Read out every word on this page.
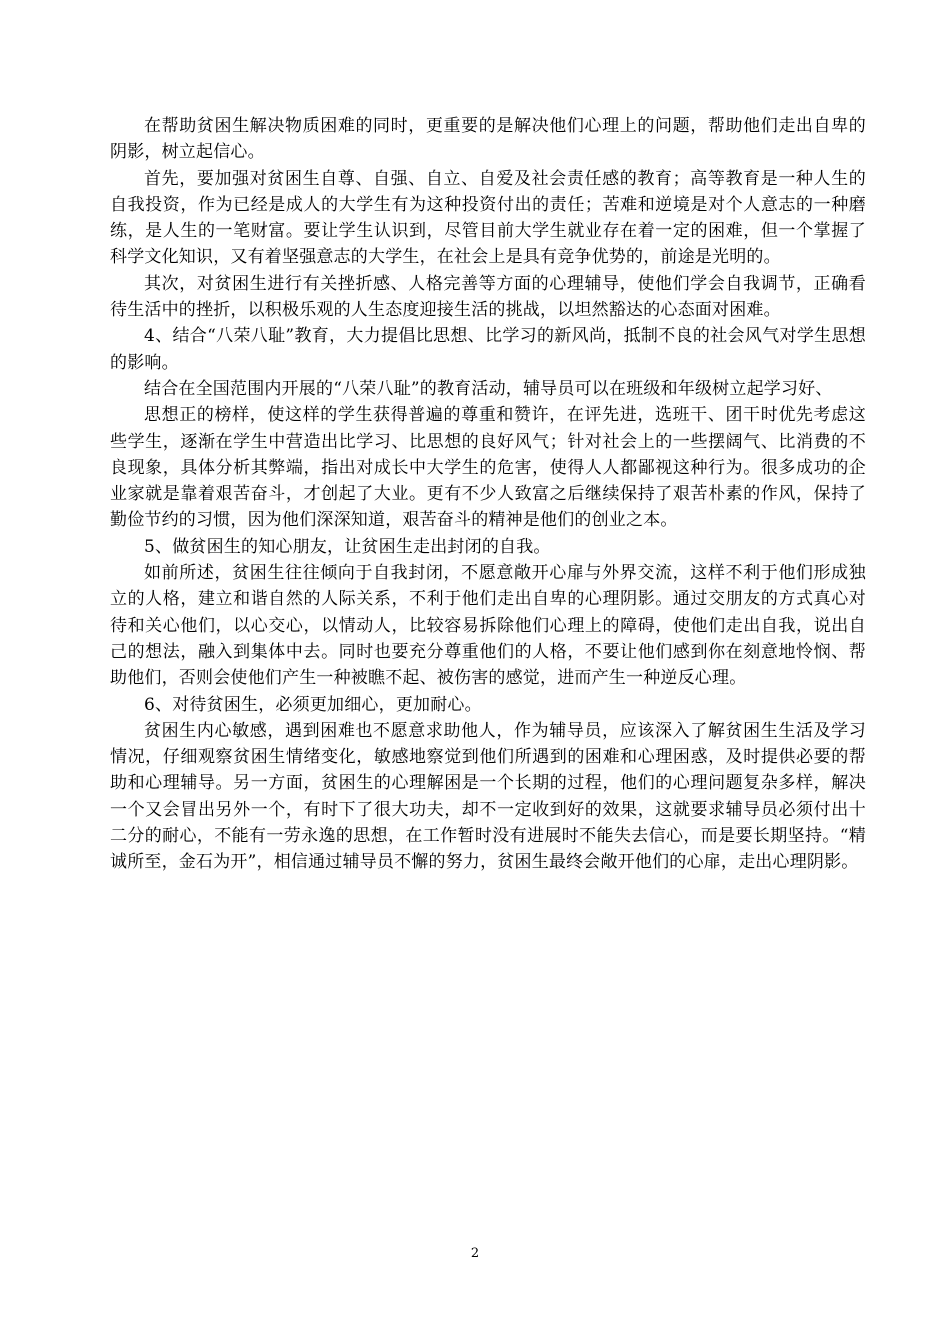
在帮助贫困生解决物质困难的同时，更重要的是解决他们心理上的问题，帮助他们走出自卑的阴影，树立起信心。

首先，要加强对贫困生自尊、自强、自立、自爱及社会责任感的教育；高等教育是一种人生的自我投资，作为已经是成人的大学生有为这种投资付出的责任；苦难和逆境是对个人意志的一种磨练，是人生的一笔财富。要让学生认识到，尽管目前大学生就业存在着一定的困难，但一个掌握了科学文化知识，又有着坚强意志的大学生，在社会上是具有竞争优势的，前途是光明的。

其次，对贫困生进行有关挫折感、人格完善等方面的心理辅导，使他们学会自我调节，正确看待生活中的挫折，以积极乐观的人生态度迎接生活的挑战，以坦然豁达的心态面对困难。

4、结合“八荣八耻”教育，大力提倡比思想、比学习的新风尚，抵制不良的社会风气对学生思想的影响。

结合在全国范围内开展的“八荣八耻”的教育活动，辅导员可以在班级和年级树立起学习好、

思想正的榜样，使这样的学生获得普遍的尊重和赞许，在评先进，选班干、团干时优先考虑这些学生，逐渐在学生中营造出比学习、比思想的良好风气；针对社会上的一些摆阔气、比消费的不良现象，具体分析其弊端，指出对成长中大学生的危害，使得人人都鄙视这种行为。很多成功的企业家就是靠着艰苦奋斗，才创起了大业。更有不少人致富之后继续保持了艰苦朴素的作风，保持了勤俭节约的习惯，因为他们深深知道，艰苦奋斗的精神是他们的创业之本。

5、做贫困生的知心朋友，让贫困生走出封闭的自我。

如前所述，贫困生往往倾向于自我封闭，不愿意敞开心扉与外界交流，这样不利于他们形成独立的人格，建立和谐自然的人际关系，不利于他们走出自卑的心理阴影。通过交朋友的方式真心对待和关心他们，以心交心，以情动人，比较容易拆除他们心理上的障碍，使他们走出自我，说出自己的想法，融入到集体中去。同时也要充分尊重他们的人格，不要让他们感到你在刻意地怜悯、帮助他们，否则会使他们产生一种被瞧不起、被伤害的感觉，进而产生一种逆反心理。

6、对待贫困生，必须更加细心，更加耐心。

贫困生内心敏感，遇到困难也不愿意求助他人，作为辅导员，应该深入了解贫困生生活及学习情况，仔细观察贫困生情绪变化，敏感地察觉到他们所遇到的困难和心理困惑，及时提供必要的帮助和心理辅导。另一方面，贫困生的心理解困是一个长期的过程，他们的心理问题复杂多样，解决一个又会冒出另外一个，有时下了很大功夫，却不一定收到好的效果，这就要求辅导员必须付出十二分的耐心，不能有一劳永逸的思想，在工作暂时没有进展时不能失去信心，而是要长期坚持。“精诚所至，金石为开”，相信通过辅导员不懈的努力，贫困生最终会敞开他们的心扉，走出心理阴影。

2
